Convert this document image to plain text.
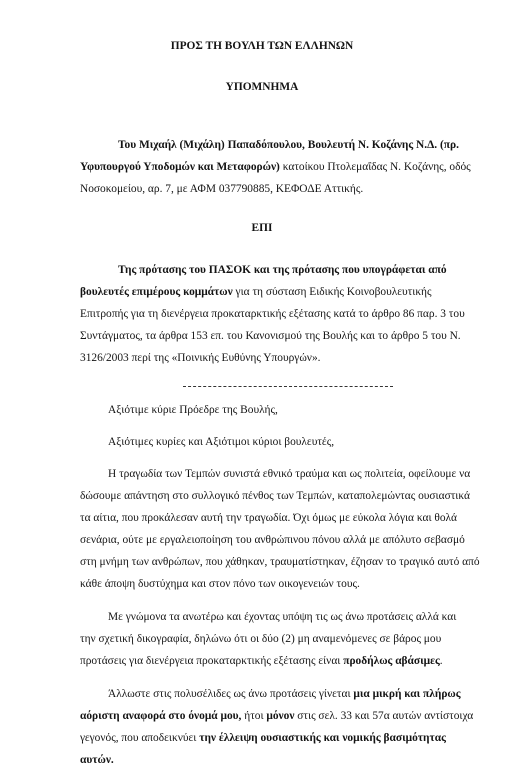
ΠΡΟΣ ΤΗ ΒΟΥΛΗ ΤΩΝ ΕΛΛΗΝΩΝ
ΥΠΟΜΝΗΜΑ
Του Μιχαήλ (Μιχάλη) Παπαδόπουλου, Βουλευτή Ν. Κοζάνης Ν.Δ. (πρ.
Υφυπουργού Υποδομών και Μεταφορών) κατοίκου Πτολεμαΐδας Ν. Κοζάνης, οδός
Νοσοκομείου, αρ. 7, με ΑΦΜ 037790885, ΚΕΦΟΔΕ Αττικής.
ΕΠΙ
Της πρότασης του ΠΑΣΟΚ και της πρότασης που υπογράφεται από
βουλευτές επιμέρους κομμάτων για τη σύσταση Ειδικής Κοινοβουλευτικής
Επιτροπής για τη διενέργεια προκαταρκτικής εξέτασης κατά το άρθρο 86 παρ. 3 του
Συντάγματος, τα άρθρα 153 επ. του Κανονισμού της Βουλής και το άρθρο 5 του Ν.
3126/2003 περί της «Ποινικής Ευθύνης Υπουργών».
Αξιότιμε κύριε Πρόεδρε της Βουλής,
Αξιότιμες κυρίες και Αξιότιμοι κύριοι βουλευτές,
Η τραγωδία των Τεμπών συνιστά εθνικό τραύμα και ως πολιτεία, οφείλουμε να
δώσουμε απάντηση στο συλλογικό πένθος των Τεμπών, καταπολεμώντας ουσιαστικά
τα αίτια, που προκάλεσαν αυτή την τραγωδία. Όχι όμως με εύκολα λόγια και θολά
σενάρια, ούτε με εργαλειοποίηση του ανθρώπινου πόνου αλλά με απόλυτο σεβασμό
στη μνήμη των ανθρώπων, που χάθηκαν, τραυματίστηκαν, έζησαν το τραγικό αυτό από
κάθε άποψη δυστύχημα και στον πόνο των οικογενειών τους.
Με γνώμονα τα ανωτέρω και έχοντας υπόψη τις ως άνω προτάσεις αλλά και
την σχετική δικογραφία, δηλώνω ότι οι δύο (2) μη αναμενόμενες σε βάρος μου
προτάσεις για διενέργεια προκαταρκτικής εξέτασης είναι προδήλως αβάσιμες.
Άλλωστε στις πολυσέλιδες ως άνω προτάσεις γίνεται μια μικρή και πλήρως
αόριστη αναφορά στο όνομά μου, ήτοι μόνον στις σελ. 33 και 57α αυτών αντίστοιχα
γεγονός, που αποδεικνύει την έλλειψη ουσιαστικής και νομικής βασιμότητας
αυτών.
